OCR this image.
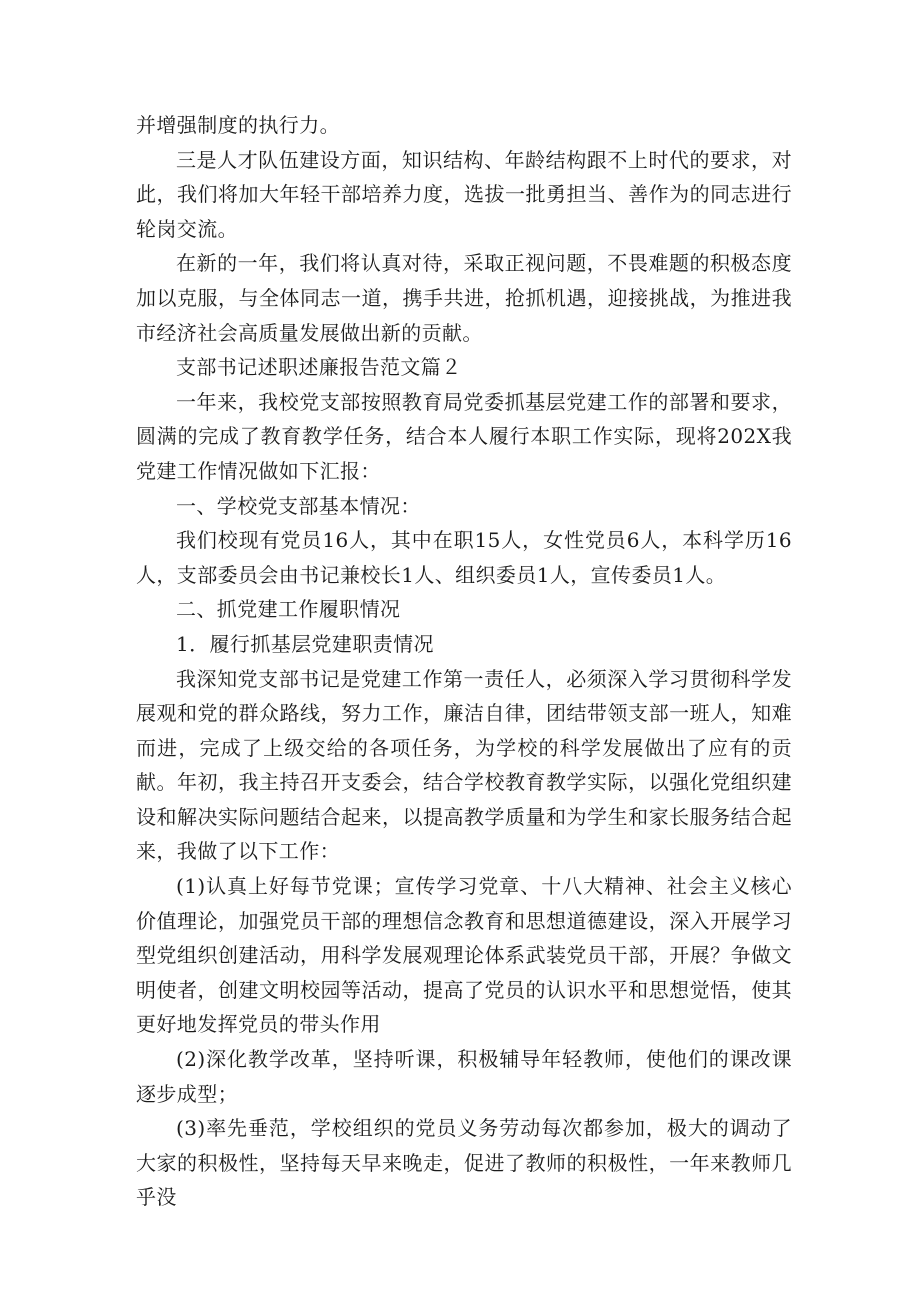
并增强制度的执行力。

三是人才队伍建设方面，知识结构、年龄结构跟不上时代的要求，对此，我们将加大年轻干部培养力度，选拔一批勇担当、善作为的同志进行轮岗交流。

在新的一年，我们将认真对待，采取正视问题，不畏难题的积极态度加以克服，与全体同志一道，携手共进，抢抓机遇，迎接挑战，为推进我市经济社会高质量发展做出新的贡献。

支部书记述职述廉报告范文篇２

一年来，我校党支部按照教育局党委抓基层党建工作的部署和要求，圆满的完成了教育教学任务，结合本人履行本职工作实际，现将202X我党建工作情况做如下汇报：

一、学校党支部基本情况：

我们校现有党员16人，其中在职15人，女性党员6人，本科学历16人，支部委员会由书记兼校长1人、组织委员1人，宣传委员1人。

二、抓党建工作履职情况

1．履行抓基层党建职责情况

我深知党支部书记是党建工作第一责任人，必须深入学习贯彻科学发展观和党的群众路线，努力工作，廉洁自律，团结带领支部一班人，知难而进，完成了上级交给的各项任务，为学校的科学发展做出了应有的贡献。年初，我主持召开支委会，结合学校教育教学实际，以强化党组织建设和解决实际问题结合起来，以提高教学质量和为学生和家长服务结合起来，我做了以下工作：

(1)认真上好每节党课；宣传学习党章、十八大精神、社会主义核心价值理论，加强党员干部的理想信念教育和思想道德建设，深入开展学习型党组织创建活动，用科学发展观理论体系武装党员干部，开展？争做文明使者，创建文明校园等活动，提高了党员的认识水平和思想觉悟，使其更好地发挥党员的带头作用

(2)深化教学改革，坚持听课，积极辅导年轻教师，使他们的课改课逐步成型；

(3)率先垂范，学校组织的党员义务劳动每次都参加，极大的调动了大家的积极性，坚持每天早来晚走，促进了教师的积极性，一年来教师几乎没
